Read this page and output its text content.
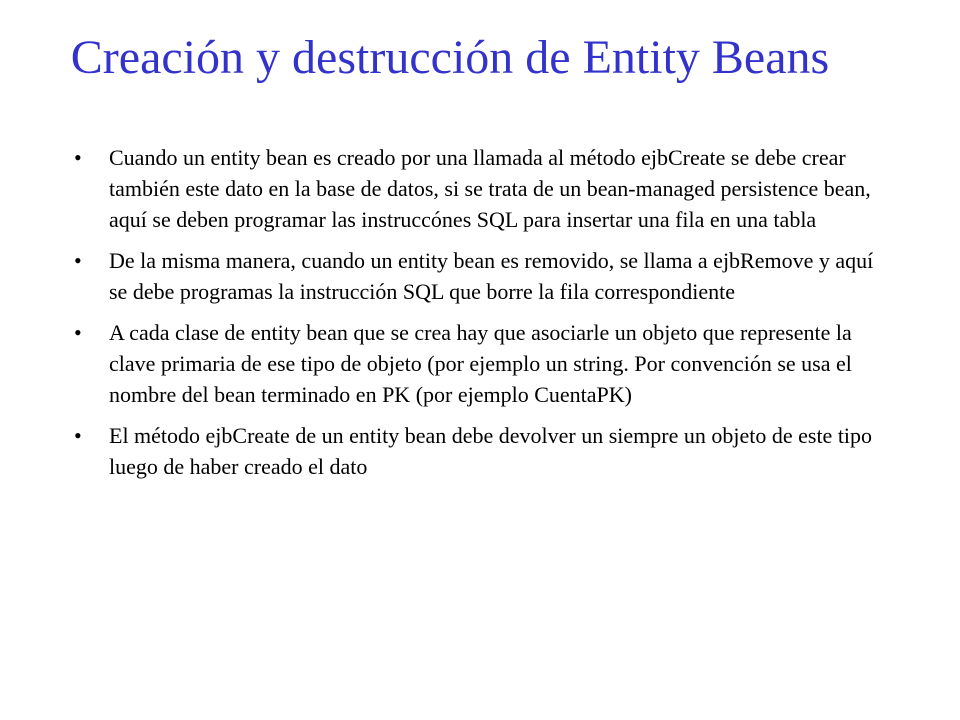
Creación y destrucción de Entity Beans
• Cuando un entity bean es creado por una llamada al método ejbCreate se debe crear también este dato en la base de datos, si se trata de un bean-managed persistence bean, aquí se deben programar las instruccónes SQL para insertar una fila en una tabla
• De la misma manera, cuando un entity bean es removido, se llama a ejbRemove y aquí se debe programas la instrucción SQL que borre la fila correspondiente
• A cada clase de entity bean que se crea hay que asociarle un objeto que represente la clave primaria de ese tipo de objeto (por ejemplo un string. Por convención se usa el nombre del bean terminado en PK (por ejemplo CuentaPK)
• El método ejbCreate de un entity bean debe devolver un siempre un objeto de este tipo luego de haber creado el dato
